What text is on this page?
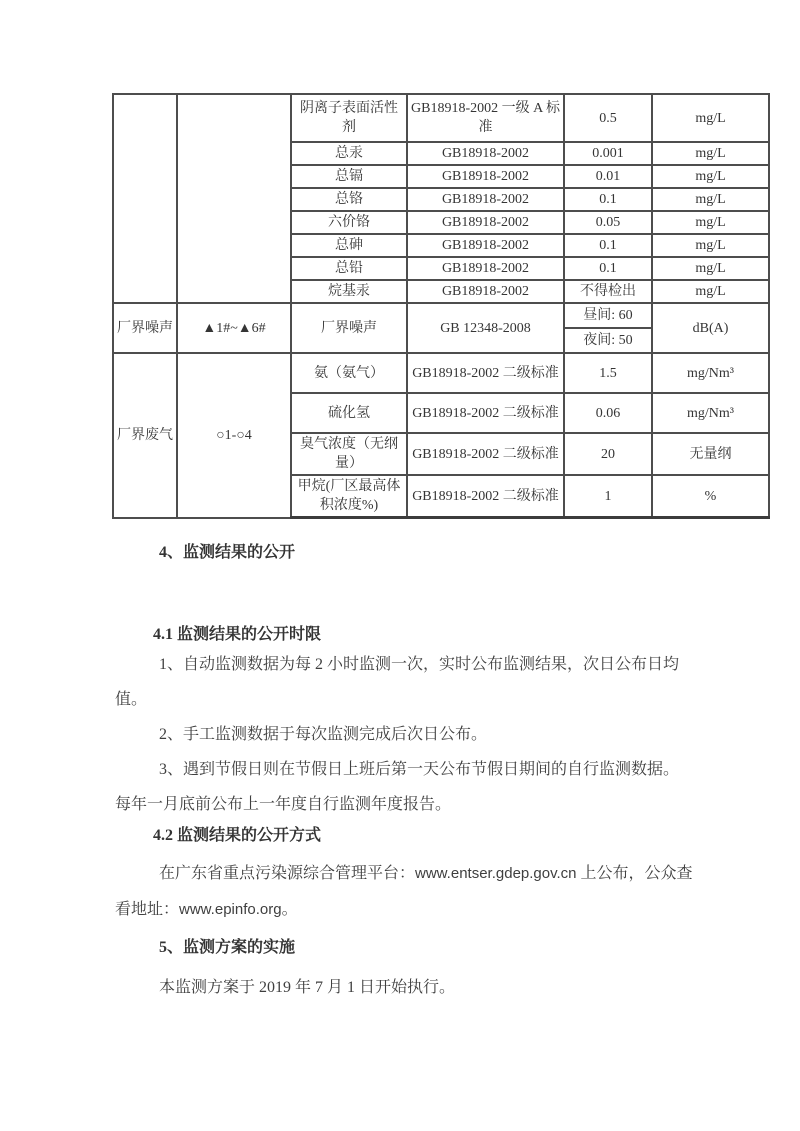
		阴离子表面活性剂	GB18918-2002 一级 A 标准	0.5	mg/L
		总汞	GB18918-2002	0.001	mg/L
		总镉	GB18918-2002	0.01	mg/L
		总铬	GB18918-2002	0.1	mg/L
		六价铬	GB18918-2002	0.05	mg/L
		总砷	GB18918-2002	0.1	mg/L
		总铅	GB18918-2002	0.1	mg/L
		烷基汞	GB18918-2002	不得检出	mg/L
厂界噪声	▲1#~▲6#	厂界噪声	GB 12348-2008	昼间: 60	dB(A)
				夜间: 50	
厂界废气	○1-○4	氨（氨气）	GB18918-2002 二级标准	1.5	mg/Nm³
		硫化氢	GB18918-2002 二级标准	0.06	mg/Nm³
		臭气浓度（无纲量）	GB18918-2002 二级标准	20	无量纲
		甲烷(厂区最高体积浓度%)	GB18918-2002 二级标准	1	%

4、监测结果的公开

4.1 监测结果的公开时限

1、自动监测数据为每 2 小时监测一次，实时公布监测结果，次日公布日均值。

2、手工监测数据于每次监测完成后次日公布。

3、遇到节假日则在节假日上班后第一天公布节假日期间的自行监测数据。
每年一月底前公布上一年度自行监测年度报告。

4.2 监测结果的公开方式

在广东省重点污染源综合管理平台：www.entser.gdep.gov.cn 上公布，公众查看地址：www.epinfo.org。

5、监测方案的实施

本监测方案于 2019 年 7 月 1 日开始执行。
